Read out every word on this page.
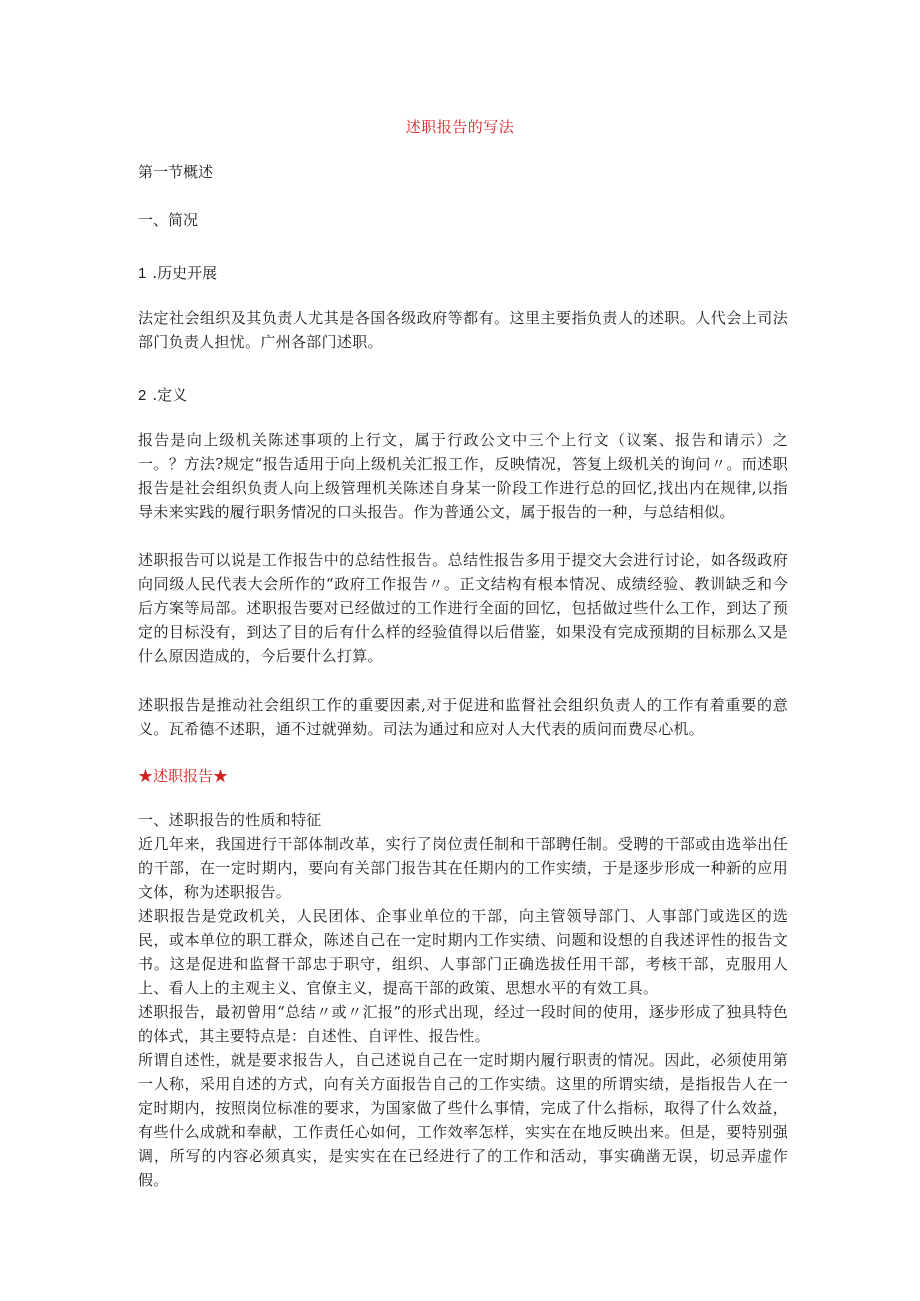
述职报告的写法
第一节概述
一、简况
1 .历史开展
法定社会组织及其负责人尤其是各国各级政府等都有。这里主要指负责人的述职。人代会上司法部门负责人担忧。广州各部门述职。
2 .定义
报告是向上级机关陈述事项的上行文，属于行政公文中三个上行文（议案、报告和请示）之一。？方法?规定“报告适用于向上级机关汇报工作，反映情况，答复上级机关的询问〃。而述职报告是社会组织负责人向上级管理机关陈述自身某一阶段工作进行总的回忆,找出内在规律,以指导未来实践的履行职务情况的口头报告。作为普通公文，属于报告的一种，与总结相似。
述职报告可以说是工作报告中的总结性报告。总结性报告多用于提交大会进行讨论，如各级政府向同级人民代表大会所作的“政府工作报告〃。正文结构有根本情况、成绩经验、教训缺乏和今后方案等局部。述职报告要对已经做过的工作进行全面的回忆，包括做过些什么工作，到达了预定的目标没有，到达了目的后有什么样的经验值得以后借鉴，如果没有完成预期的目标那么又是什么原因造成的，今后要什么打算。
述职报告是推动社会组织工作的重要因素,对于促进和监督社会组织负责人的工作有着重要的意义。瓦希德不述职，通不过就弹劾。司法为通过和应对人大代表的质问而费尽心机。
★述职报告★

一、述职报告的性质和特征

近几年来，我国进行干部体制改革，实行了岗位责任制和干部聘任制。受聘的干部或由选举出任的干部，在一定时期内，要向有关部门报告其在任期内的工作实绩，于是逐步形成一种新的应用文体，称为述职报告。

述职报告是党政机关，人民团体、企事业单位的干部，向主管领导部门、人事部门或选区的选民，或本单位的职工群众，陈述自己在一定时期内工作实绩、问题和设想的自我述评性的报告文书。这是促进和监督干部忠于职守，组织、人事部门正确选拔任用干部，考核干部，克服用人上、看人上的主观主义、官僚主义，提高干部的政策、思想水平的有效工具。

述职报告，最初曾用“总结〃或〃汇报”的形式出现，经过一段时间的使用，逐步形成了独具特色的体式，其主要特点是：自述性、自评性、报告性。

所谓自述性，就是要求报告人，自己述说自己在一定时期内履行职责的情况。因此，必须使用第一人称，采用自述的方式，向有关方面报告自己的工作实绩。这里的所谓实绩，是指报告人在一定时期内，按照岗位标准的要求，为国家做了些什么事情，完成了什么指标，取得了什么效益，有些什么成就和奉献，工作责任心如何，工作效率怎样，实实在在地反映出来。但是，要特别强调，所写的内容必须真实，是实实在在已经进行了的工作和活动，事实确凿无误，切忌弄虚作假。
